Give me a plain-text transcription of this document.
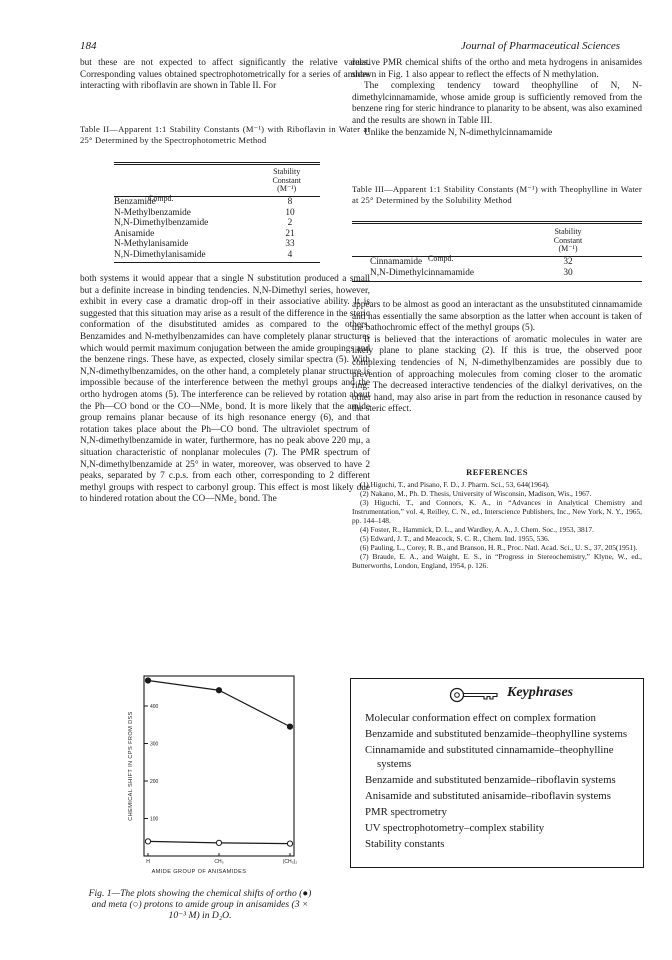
184	Journal of Pharmaceutical Sciences

but these are not expected to affect significantly the relative values. Corresponding values obtained spectrophotometrically for a series of amides interacting with riboflavin are shown in Table II. For

Table II—Apparent 1:1 Stability Constants (M⁻¹) with Riboflavin in Water at 25° Determined by the Spectrophotometric Method

	Stability
Constant
(M⁻¹)

Compd.	
Benzamide	8
N-Methylbenzamide	10
N,N-Dimethylbenzamide	2
Anisamide	21
N-Methylanisamide	33
N,N-Dimethylanisamide	4

both systems it would appear that a single N substitution produced a small but a definite increase in binding tendencies. N,N-Dimethyl series, however, exhibit in every case a dramatic drop-off in their associative ability. It is suggested that this situation may arise as a result of the difference in the steric conformation of the disubstituted amides as compared to the others. Benzamides and N-methylbenzamides can have completely planar structures which would permit maximum conjugation between the amide groupings and the benzene rings. These have, as expected, closely similar spectra (5). With N,N-dimethylbenzamides, on the other hand, a completely planar structure is impossible because of the interference between the methyl groups and the ortho hydrogen atoms (5). The interference can be relieved by rotation about the Ph—CO bond or the CO—NMe₂ bond. It is more likely that the amide group remains planar because of its high resonance energy (6), and that rotation takes place about the Ph—CO bond. The ultraviolet spectrum of N,N-dimethylbenzamide in water, furthermore, has no peak above 220 mμ, a situation characteristic of nonplanar molecules (7). The PMR spectrum of N,N-dimethylbenzamide at 25° in water, moreover, was observed to have 2 peaks, separated by 7 c.p.s. from each other, corresponding to 2 different methyl groups with respect to carbonyl group. This effect is most likely due to hindered rotation about the CO—NMe₂ bond. The

relative PMR chemical shifts of the ortho and meta hydrogens in anisamides shown in Fig. 1 also appear to reflect the effects of N methylation.

The complexing tendency toward theophylline of N, N-dimethylcinnamamide, whose amide group is sufficiently removed from the benzene ring for steric hindrance to planarity to be absent, was also examined and the results are shown in Table III.

Unlike the benzamide N, N-dimethylcinnamamide

Table III—Apparent 1:1 Stability Constants (M⁻¹) with Theophylline in Water at 25° Determined by the Solubility Method

	Stability
Constant
(M⁻¹)

Compd.	
Cinnamamide	32
N,N-Dimethylcinnamamide	30

appears to be almost as good an interactant as the unsubstituted cinnamamide and has essentially the same absorption as the latter when account is taken of the bathochromic effect of the methyl groups (5).

It is believed that the interactions of aromatic molecules in water are likely plane to plane stacking (2). If this is true, the observed poor complexing tendencies of N, N-dimethylbenzamides are possibly due to prevention of approaching molecules from coming closer to the aromatic ring. The decreased interactive tendencies of the dialkyl derivatives, on the other hand, may also arise in part from the reduction in resonance caused by the steric effect.

REFERENCES
(1) Higuchi, T., and Pisano, F. D., J. Pharm. Sci., 53, 644(1964).
(2) Nakano, M., Ph. D. Thesis, University of Wisconsin, Madison, Wis., 1967.
(3) Higuchi, T., and Connors, K. A., in “Advances in Analytical Chemistry and Instrumentation,” vol. 4, Reilley, C. N., ed., Interscience Publishers, Inc., New York, N. Y., 1965, pp. 144–148.
(4) Foster, R., Hammick, D. L., and Wardley, A. A., J. Chem. Soc., 1953, 3817.
(5) Edward, J. T., and Meacock, S. C. R., Chem. Ind. 1955, 536.
(6) Pauling, L., Corey, R. B., and Branson, H. R., Proc. Natl. Acad. Sci., U. S., 37, 205(1951).
(7) Braude, E. A., and Waight, E. S., in “Progress in Stereochemistry,” Klyne, W., ed., Butterworths, London, England, 1954, p. 126.
CHEMICAL SHIFT IN CPS FROM DSS	100
200
300
400
H	CH₃	(CH₃)₂
AMIDE GROUP OF ANISAMIDES
Fig. 1—The plots showing the chemical shifts of ortho (●) and meta (○) protons to amide group in anisamides (3 × 10⁻³ M) in D₂O.
Keyphrases
Molecular conformation effect on complex formation
Benzamide and substituted benzamide–theophylline systems
Cinnamamide and substituted cinnamamide–theophylline systems
Benzamide and substituted benzamide–riboflavin systems
Anisamide and substituted anisamide–riboflavin systems
PMR spectrometry
UV spectrophotometry–complex stability
Stability constants
